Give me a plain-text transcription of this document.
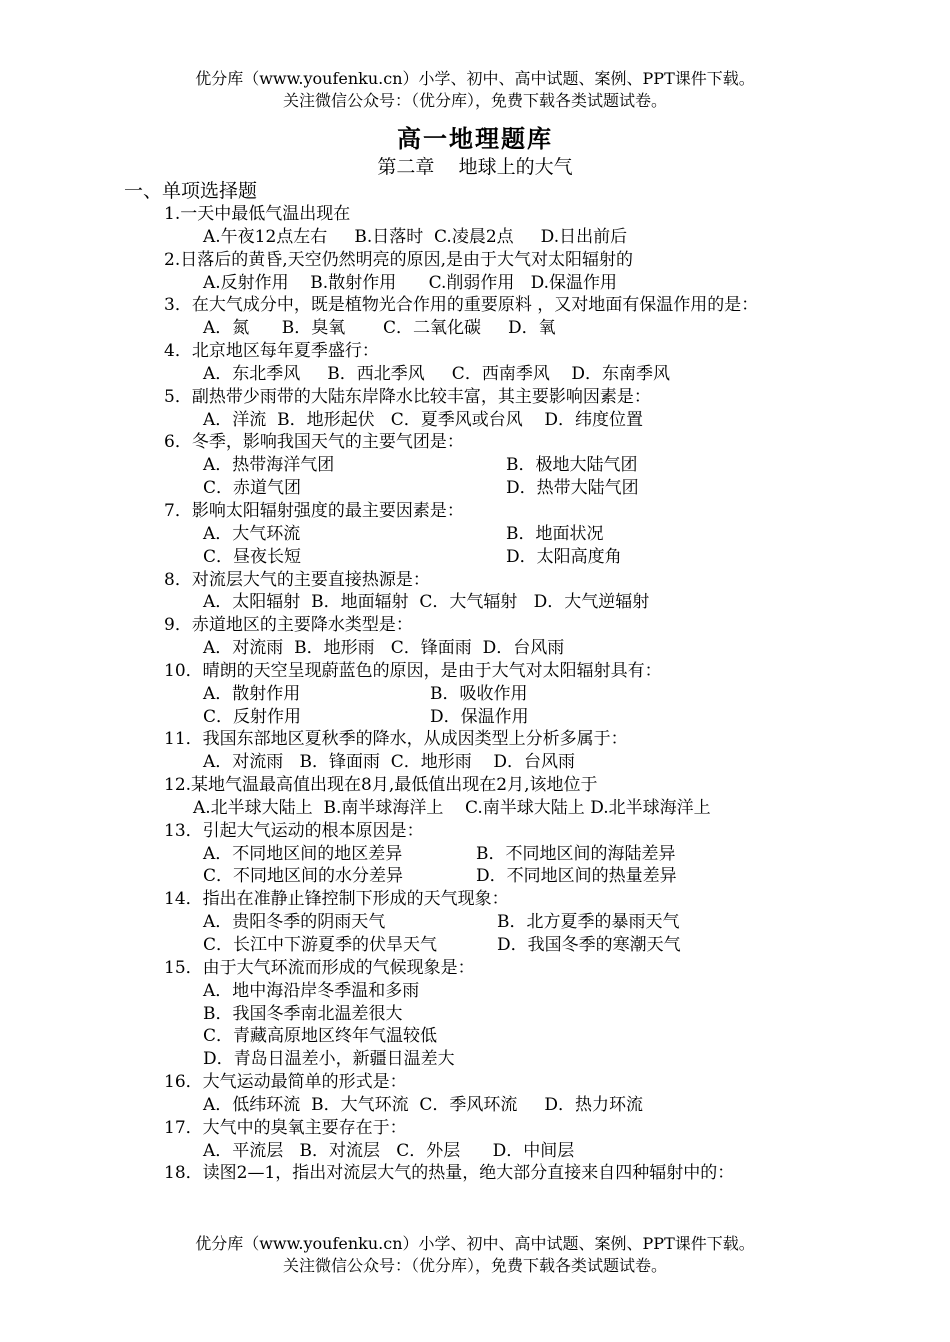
优分库（www.youfenku.cn）小学、初中、高中试题、案例、PPT课件下载。
关注微信公众号：（优分库），免费下载各类试题试卷。
高一地理题库
第二章    地球上的大气
一、单项选择题
1.一天中最低气温出现在
A.午夜12点左右     B.日落时  C.凌晨2点     D.日出前后
2.日落后的黄昏,天空仍然明亮的原因,是由于大气对太阳辐射的
A.反射作用    B.散射作用      C.削弱作用   D.保温作用
3．在大气成分中，既是植物光合作用的重要原料 ，又对地面有保温作用的是：
A．氮      B．臭氧       C．二氧化碳     D．氧
4．北京地区每年夏季盛行：
A．东北季风     B．西北季风     C．西南季风    D．东南季风
5．副热带少雨带的大陆东岸降水比较丰富，其主要影响因素是：
A．洋流  B．地形起伏   C．夏季风或台风    D．纬度位置
6．冬季，影响我国天气的主要气团是：
A．热带海洋气团	B．极地大陆气团
C．赤道气团	D．热带大陆气团
7．影响太阳辐射强度的最主要因素是：
A．大气环流	B．地面状况
C．昼夜长短	D．太阳高度角
8．对流层大气的主要直接热源是：
A．太阳辐射  B．地面辐射  C．大气辐射   D．大气逆辐射
9．赤道地区的主要降水类型是：
A．对流雨  B．地形雨   C．锋面雨  D．台风雨
10．晴朗的天空呈现蔚蓝色的原因，是由于大气对太阳辐射具有：
A．散射作用	B．吸收作用
C．反射作用	D．保温作用
11．我国东部地区夏秋季的降水，从成因类型上分析多属于：
A．对流雨   B．锋面雨  C．地形雨    D．台风雨
12.某地气温最高值出现在8月,最低值出现在2月,该地位于
A.北半球大陆上  B.南半球海洋上    C.南半球大陆上 D.北半球海洋上
13．引起大气运动的根本原因是：
A．不同地区间的地区差异	B．不同地区间的海陆差异
C．不同地区间的水分差异	D．不同地区间的热量差异
14．指出在准静止锋控制下形成的天气现象：
A．贵阳冬季的阴雨天气	B．北方夏季的暴雨天气
C．长江中下游夏季的伏旱天气	D．我国冬季的寒潮天气
15．由于大气环流而形成的气候现象是：
A．地中海沿岸冬季温和多雨
B．我国冬季南北温差很大
C．青藏高原地区终年气温较低
D．青岛日温差小，新疆日温差大
16．大气运动最简单的形式是：
A．低纬环流  B．大气环流  C．季风环流     D．热力环流
17．大气中的臭氧主要存在于：
A．平流层   B．对流层   C．外层      D．中间层
18．读图2—1，指出对流层大气的热量，绝大部分直接来自四种辐射中的：
优分库（www.youfenku.cn）小学、初中、高中试题、案例、PPT课件下载。
关注微信公众号：（优分库），免费下载各类试题试卷。
